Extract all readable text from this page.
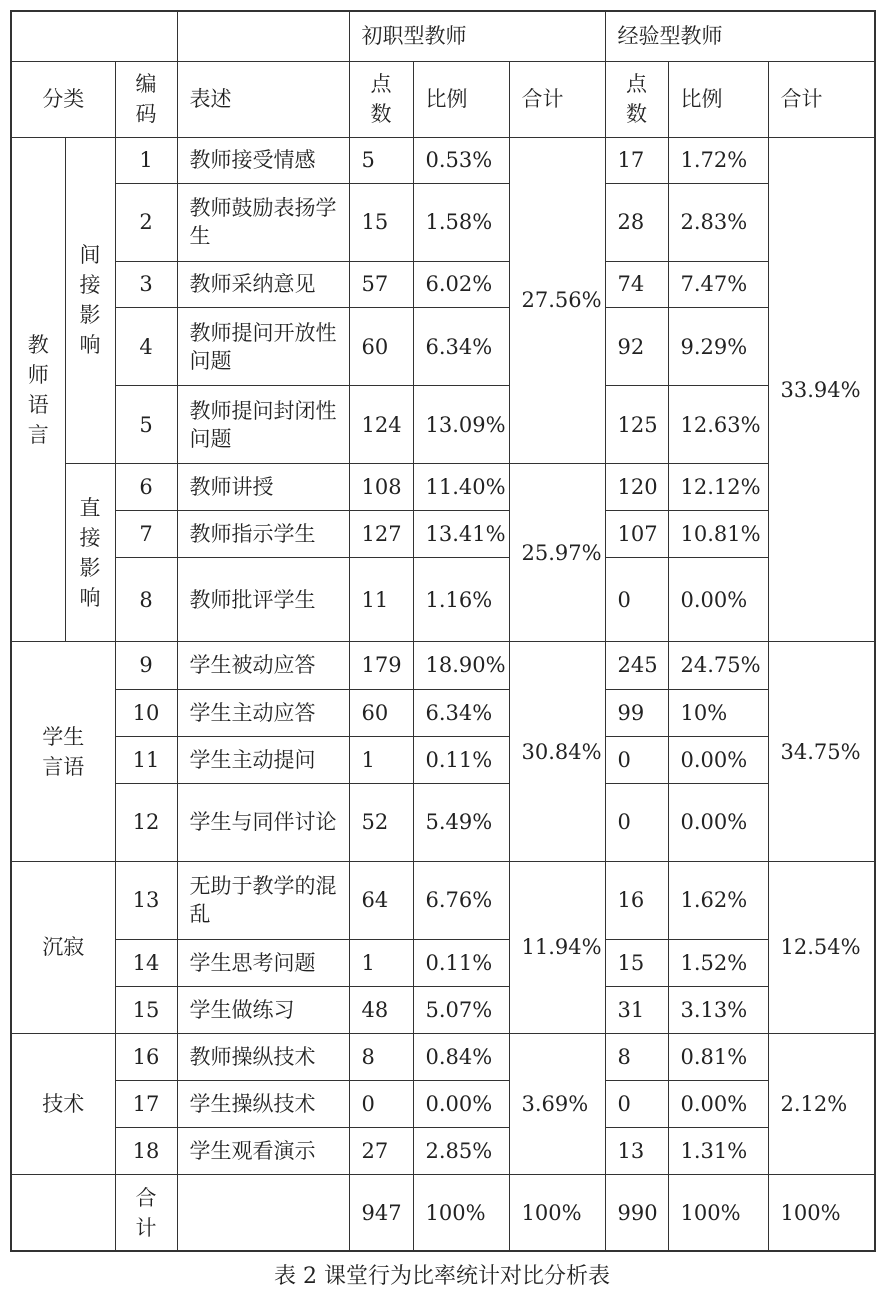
				初职型教师			经验型教师		
分类		编码	表述	点数	比例	合计	点数	比例	合计
教师语言	间接影响	1	教师接受情感	5	0.53%	27.56%	17	1.72%	33.94%
		2	教师鼓励表扬学生	15	1.58%		28	2.83%	
		3	教师采纳意见	57	6.02%		74	7.47%	
		4	教师提问开放性问题	60	6.34%		92	9.29%	
		5	教师提问封闭性问题	124	13.09%		125	12.63%	
	直接影响	6	教师讲授	108	11.40%	25.97%	120	12.12%	
		7	教师指示学生	127	13.41%		107	10.81%	
		8	教师批评学生	11	1.16%		0	0.00%	
学生言语		9	学生被动应答	179	18.90%	30.84%	245	24.75%	34.75%
		10	学生主动应答	60	6.34%		99	10%	
		11	学生主动提问	1	0.11%		0	0.00%	
		12	学生与同伴讨论	52	5.49%		0	0.00%	
沉寂		13	无助于教学的混乱	64	6.76%	11.94%	16	1.62%	12.54%
		14	学生思考问题	1	0.11%		15	1.52%	
		15	学生做练习	48	5.07%		31	3.13%	
技术		16	教师操纵技术	8	0.84%	3.69%	8	0.81%	2.12%
		17	学生操纵技术	0	0.00%		0	0.00%	
		18	学生观看演示	27	2.85%		13	1.31%	
		合计		947	100%	100%	990	100%	100%
表 2 课堂行为比率统计对比分析表
